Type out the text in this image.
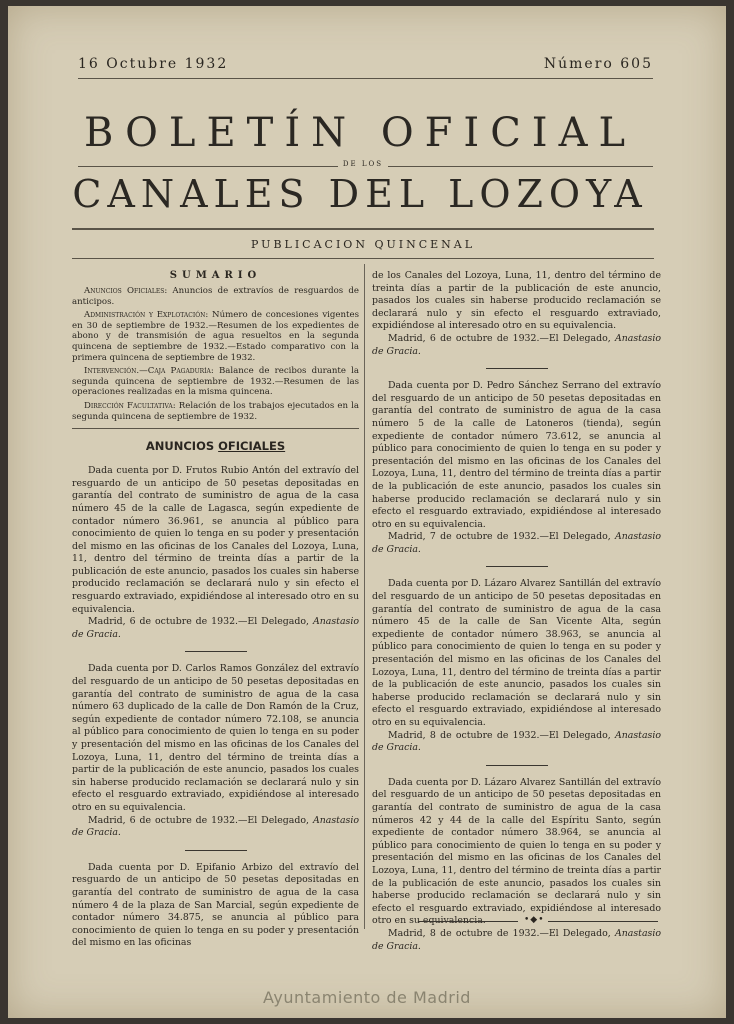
16 Octubre 1932	Número 605
BOLETÍN OFICIAL
DE LOS
CANALES DEL LOZOYA
PUBLICACION QUINCENAL
SUMARIO

Anuncios Oficiales: Anuncios de extravíos de resguardos de anticipos.

Administración y Explotación: Número de concesiones vigentes en 30 de septiembre de 1932.—Resumen de los expedientes de abono y de transmisión de agua resueltos en la segunda quincena de septiembre de 1932.—Estado comparativo con la primera quincena de septiembre de 1932.

Intervención.—Caja Pagaduría: Balance de recibos durante la segunda quincena de septiembre de 1932.—Resumen de las operaciones realizadas en la misma quincena.

Dirección Facultativa: Relación de los trabajos ejecutados en la segunda quincena de septiembre de 1932.

ANUNCIOS OFICIALES

Dada cuenta por D. Frutos Rubio Antón del extravío del resguardo de un anticipo de 50 pesetas depositadas en garantía del contrato de suministro de agua de la casa número 45 de la calle de Lagasca, según expediente de contador número 36.961, se anuncia al público para conocimiento de quien lo tenga en su poder y presentación del mismo en las oficinas de los Canales del Lozoya, Luna, 11, dentro del término de treinta días a partir de la publicación de este anuncio, pasados los cuales sin haberse producido reclamación se declarará nulo y sin efecto el resguardo extraviado, expidiéndose al interesado otro en su equivalencia.

Madrid, 6 de octubre de 1932.—El Delegado, Anastasio de Gracia.

Dada cuenta por D. Carlos Ramos González del extravío del resguardo de un anticipo de 50 pesetas depositadas en garantía del contrato de suministro de agua de la casa número 63 duplicado de la calle de Don Ramón de la Cruz, según expediente de contador número 72.108, se anuncia al público para conocimiento de quien lo tenga en su poder y presentación del mismo en las oficinas de los Canales del Lozoya, Luna, 11, dentro del término de treinta días a partir de la publicación de este anuncio, pasados los cuales sin haberse producido reclamación se declarará nulo y sin efecto el resguardo extraviado, expidiéndose al interesado otro en su equivalencia.

Madrid, 6 de octubre de 1932.—El Delegado, Anastasio de Gracia.

Dada cuenta por D. Epifanio Arbizo del extravío del resguardo de un anticipo de 50 pesetas depositadas en garantía del contrato de suministro de agua de la casa número 4 de la plaza de San Marcial, según expediente de contador número 34.875, se anuncia al público para conocimiento de quien lo tenga en su poder y presentación del mismo en las oficinas

de los Canales del Lozoya, Luna, 11, dentro del término de treinta días a partir de la publicación de este anuncio, pasados los cuales sin haberse producido reclamación se declarará nulo y sin efecto el resguardo extraviado, expidiéndose al interesado otro en su equivalencia.

Madrid, 6 de octubre de 1932.—El Delegado, Anastasio de Gracia.

Dada cuenta por D. Pedro Sánchez Serrano del extravío del resguardo de un anticipo de 50 pesetas depositadas en garantía del contrato de suministro de agua de la casa número 5 de la calle de Latoneros (tienda), según expediente de contador número 73.612, se anuncia al público para conocimiento de quien lo tenga en su poder y presentación del mismo en las oficinas de los Canales del Lozoya, Luna, 11, dentro del término de treinta días a partir de la publicación de este anuncio, pasados los cuales sin haberse producido reclamación se declarará nulo y sin efecto el resguardo extraviado, expidiéndose al interesado otro en su equivalencia.

Madrid, 7 de octubre de 1932.—El Delegado, Anastasio de Gracia.

Dada cuenta por D. Lázaro Alvarez Santillán del extravío del resguardo de un anticipo de 50 pesetas depositadas en garantía del contrato de suministro de agua de la casa número 45 de la calle de San Vicente Alta, según expediente de contador número 38.963, se anuncia al público para conocimiento de quien lo tenga en su poder y presentación del mismo en las oficinas de los Canales del Lozoya, Luna, 11, dentro del término de treinta días a partir de la publicación de este anuncio, pasados los cuales sin haberse producido reclamación se declarará nulo y sin efecto el resguardo extraviado, expidiéndose al interesado otro en su equivalencia.

Madrid, 8 de octubre de 1932.—El Delegado, Anastasio de Gracia.

Dada cuenta por D. Lázaro Alvarez Santillán del extravío del resguardo de un anticipo de 50 pesetas depositadas en garantía del contrato de suministro de agua de la casa números 42 y 44 de la calle del Espíritu Santo, según expediente de contador número 38.964, se anuncia al público para conocimiento de quien lo tenga en su poder y presentación del mismo en las oficinas de los Canales del Lozoya, Luna, 11, dentro del término de treinta días a partir de la publicación de este anuncio, pasados los cuales sin haberse producido reclamación se declarará nulo y sin efecto el resguardo extraviado, expidiéndose al interesado otro en su equivalencia.

Madrid, 8 de octubre de 1932.—El Delegado, Anastasio de Gracia.

•◆•
Ayuntamiento de Madrid
